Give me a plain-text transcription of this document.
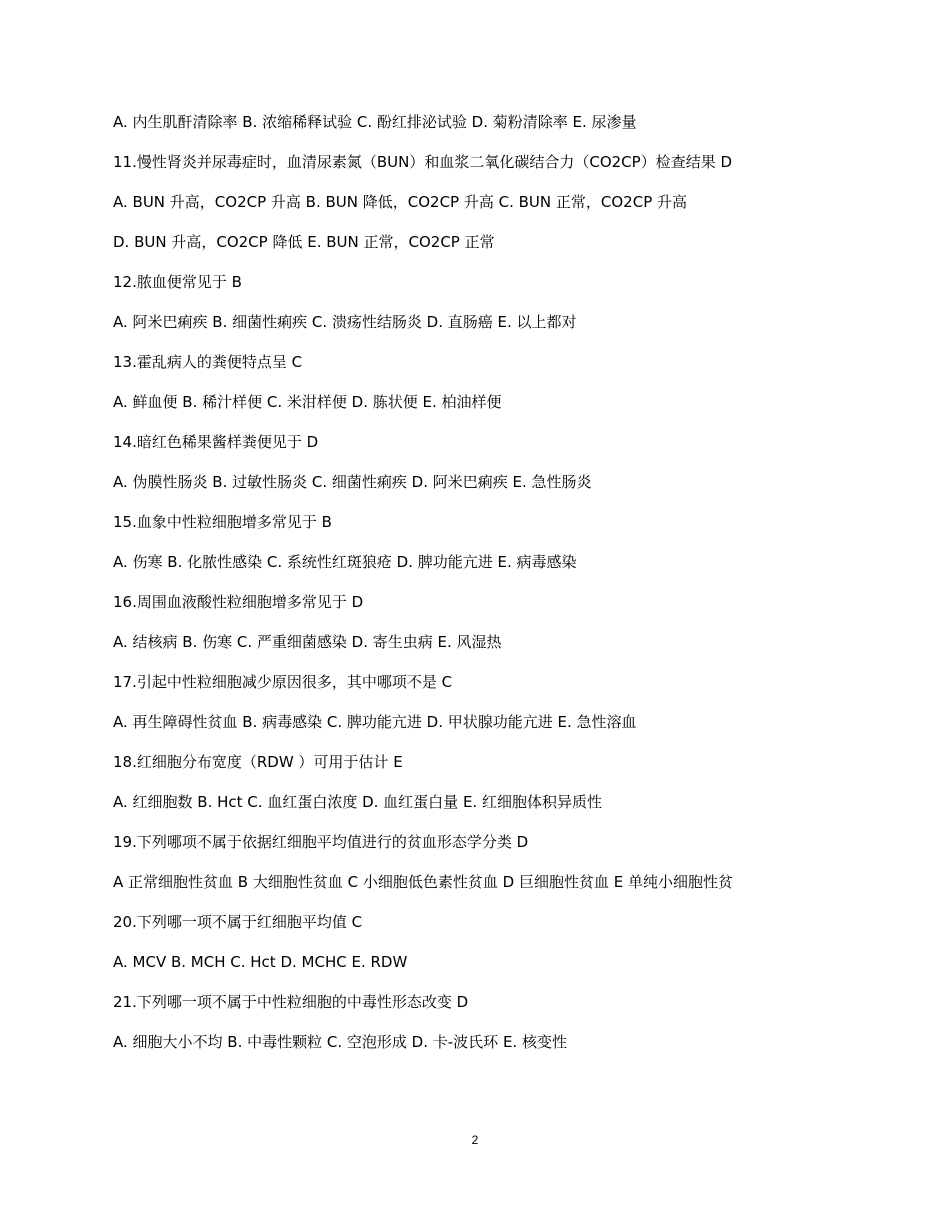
A. 内生肌酐清除率 B. 浓缩稀释试验 C. 酚红排泌试验 D. 菊粉清除率 E. 尿渗量
11.慢性肾炎并尿毒症时，血清尿素氮（BUN）和血浆二氧化碳结合力（CO2CP）检查结果 D
A. BUN 升高，CO2CP 升高 B. BUN 降低，CO2CP 升高 C. BUN 正常，CO2CP 升高
D. BUN 升高，CO2CP 降低 E. BUN 正常，CO2CP 正常
12.脓血便常见于 B
A. 阿米巴痢疾 B. 细菌性痢疾 C. 溃疡性结肠炎 D. 直肠癌 E. 以上都对
13.霍乱病人的粪便特点呈 C
A. 鲜血便 B. 稀汁样便 C. 米泔样便 D. 胨状便 E. 柏油样便
14.暗红色稀果酱样粪便见于 D
A. 伪膜性肠炎 B. 过敏性肠炎 C. 细菌性痢疾 D. 阿米巴痢疾 E. 急性肠炎
15.血象中性粒细胞增多常见于 B
A. 伤寒 B. 化脓性感染 C. 系统性红斑狼疮 D. 脾功能亢进 E. 病毒感染
16.周围血液酸性粒细胞增多常见于 D
A. 结核病 B. 伤寒 C. 严重细菌感染 D. 寄生虫病 E. 风湿热
17.引起中性粒细胞减少原因很多，其中哪项不是 C
A. 再生障碍性贫血 B. 病毒感染 C. 脾功能亢进 D. 甲状腺功能亢进 E. 急性溶血
18.红细胞分布宽度（RDW ）可用于估计 E
A. 红细胞数 B. Hct C. 血红蛋白浓度 D. 血红蛋白量 E. 红细胞体积异质性
19.下列哪项不属于依据红细胞平均值进行的贫血形态学分类 D
A 正常细胞性贫血 B 大细胞性贫血 C 小细胞低色素性贫血 D 巨细胞性贫血 E 单纯小细胞性贫
20.下列哪一项不属于红细胞平均值 C
A. MCV B. MCH C. Hct D. MCHC E. RDW
21.下列哪一项不属于中性粒细胞的中毒性形态改变 D
A. 细胞大小不均 B. 中毒性颗粒 C. 空泡形成 D. 卡-波氏环 E. 核变性
2
